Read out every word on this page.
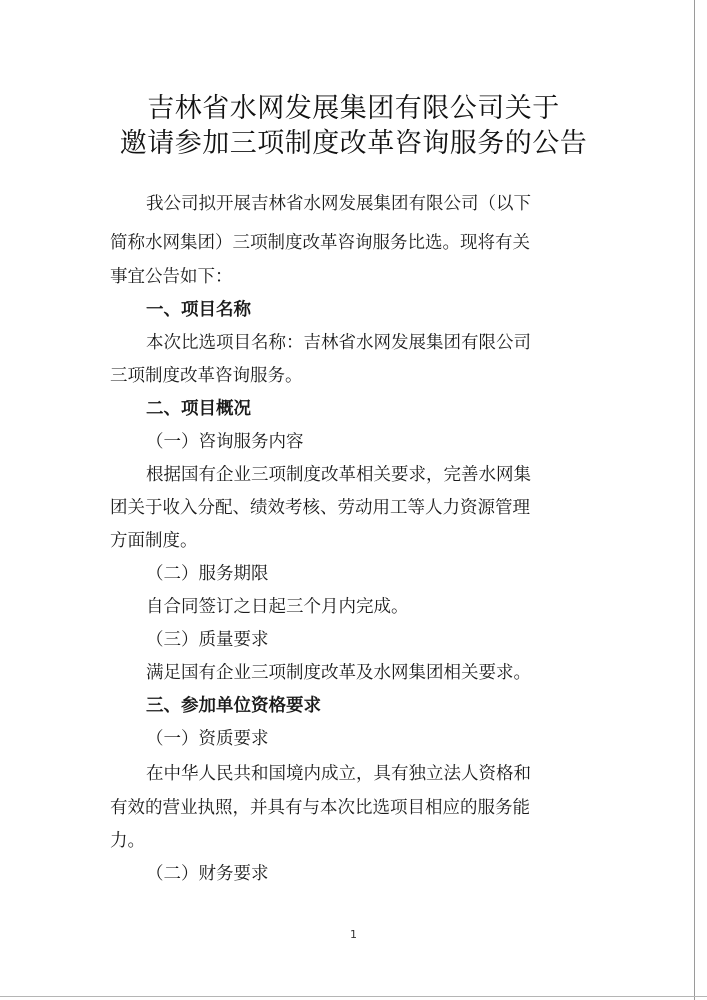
吉林省水网发展集团有限公司关于
邀请参加三项制度改革咨询服务的公告
我公司拟开展吉林省水网发展集团有限公司（以下
简称水网集团）三项制度改革咨询服务比选。现将有关
事宜公告如下：
一、项目名称
本次比选项目名称：吉林省水网发展集团有限公司
三项制度改革咨询服务。
二、项目概况
（一）咨询服务内容
根据国有企业三项制度改革相关要求，完善水网集
团关于收入分配、绩效考核、劳动用工等人力资源管理
方面制度。
（二）服务期限
自合同签订之日起三个月内完成。
（三）质量要求
满足国有企业三项制度改革及水网集团相关要求。
三、参加单位资格要求
（一）资质要求
在中华人民共和国境内成立，具有独立法人资格和
有效的营业执照，并具有与本次比选项目相应的服务能
力。
（二）财务要求
1
